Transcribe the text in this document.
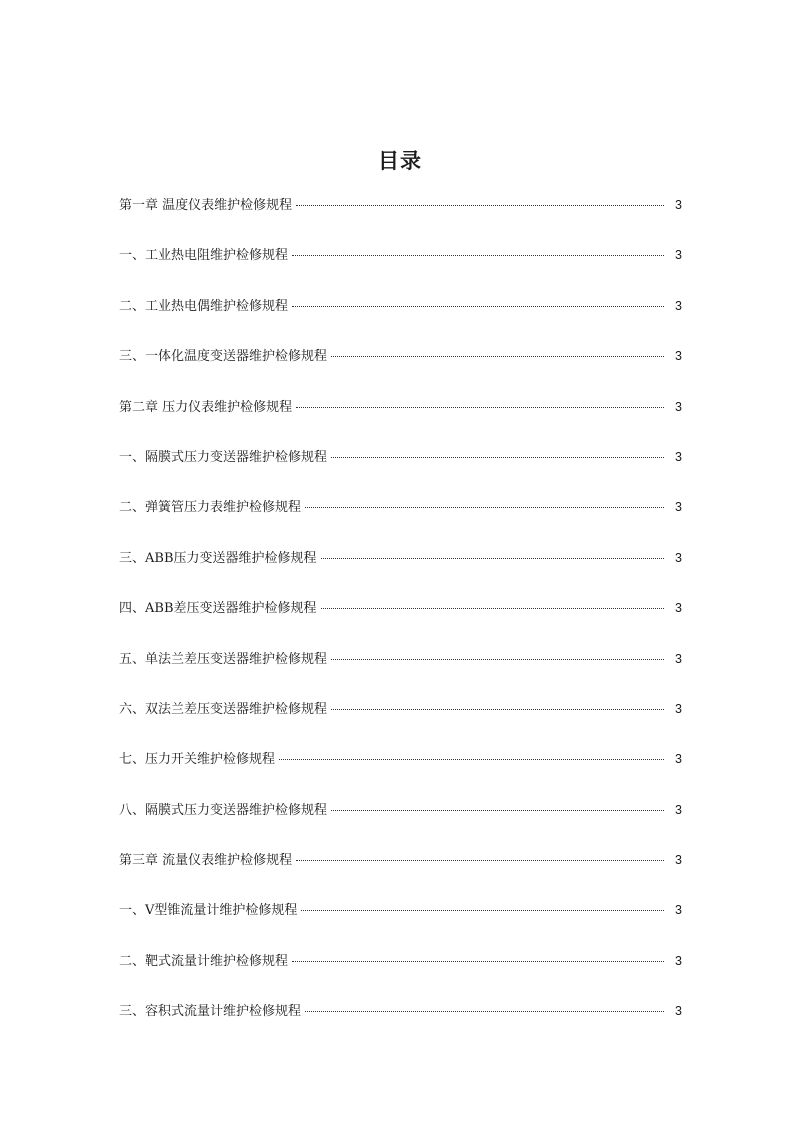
目录
第一章 温度仪表维护检修规程	3
一、工业热电阻维护检修规程	3
二、工业热电偶维护检修规程	3
三、一体化温度变送器维护检修规程	3
第二章 压力仪表维护检修规程	3
一、隔膜式压力变送器维护检修规程	3
二、弹簧管压力表维护检修规程	3
三、ABB压力变送器维护检修规程	3
四、ABB差压变送器维护检修规程	3
五、单法兰差压变送器维护检修规程	3
六、双法兰差压变送器维护检修规程	3
七、压力开关维护检修规程	3
八、隔膜式压力变送器维护检修规程	3
第三章 流量仪表维护检修规程	3
一、V型锥流量计维护检修规程	3
二、靶式流量计维护检修规程	3
三、容积式流量计维护检修规程	3
